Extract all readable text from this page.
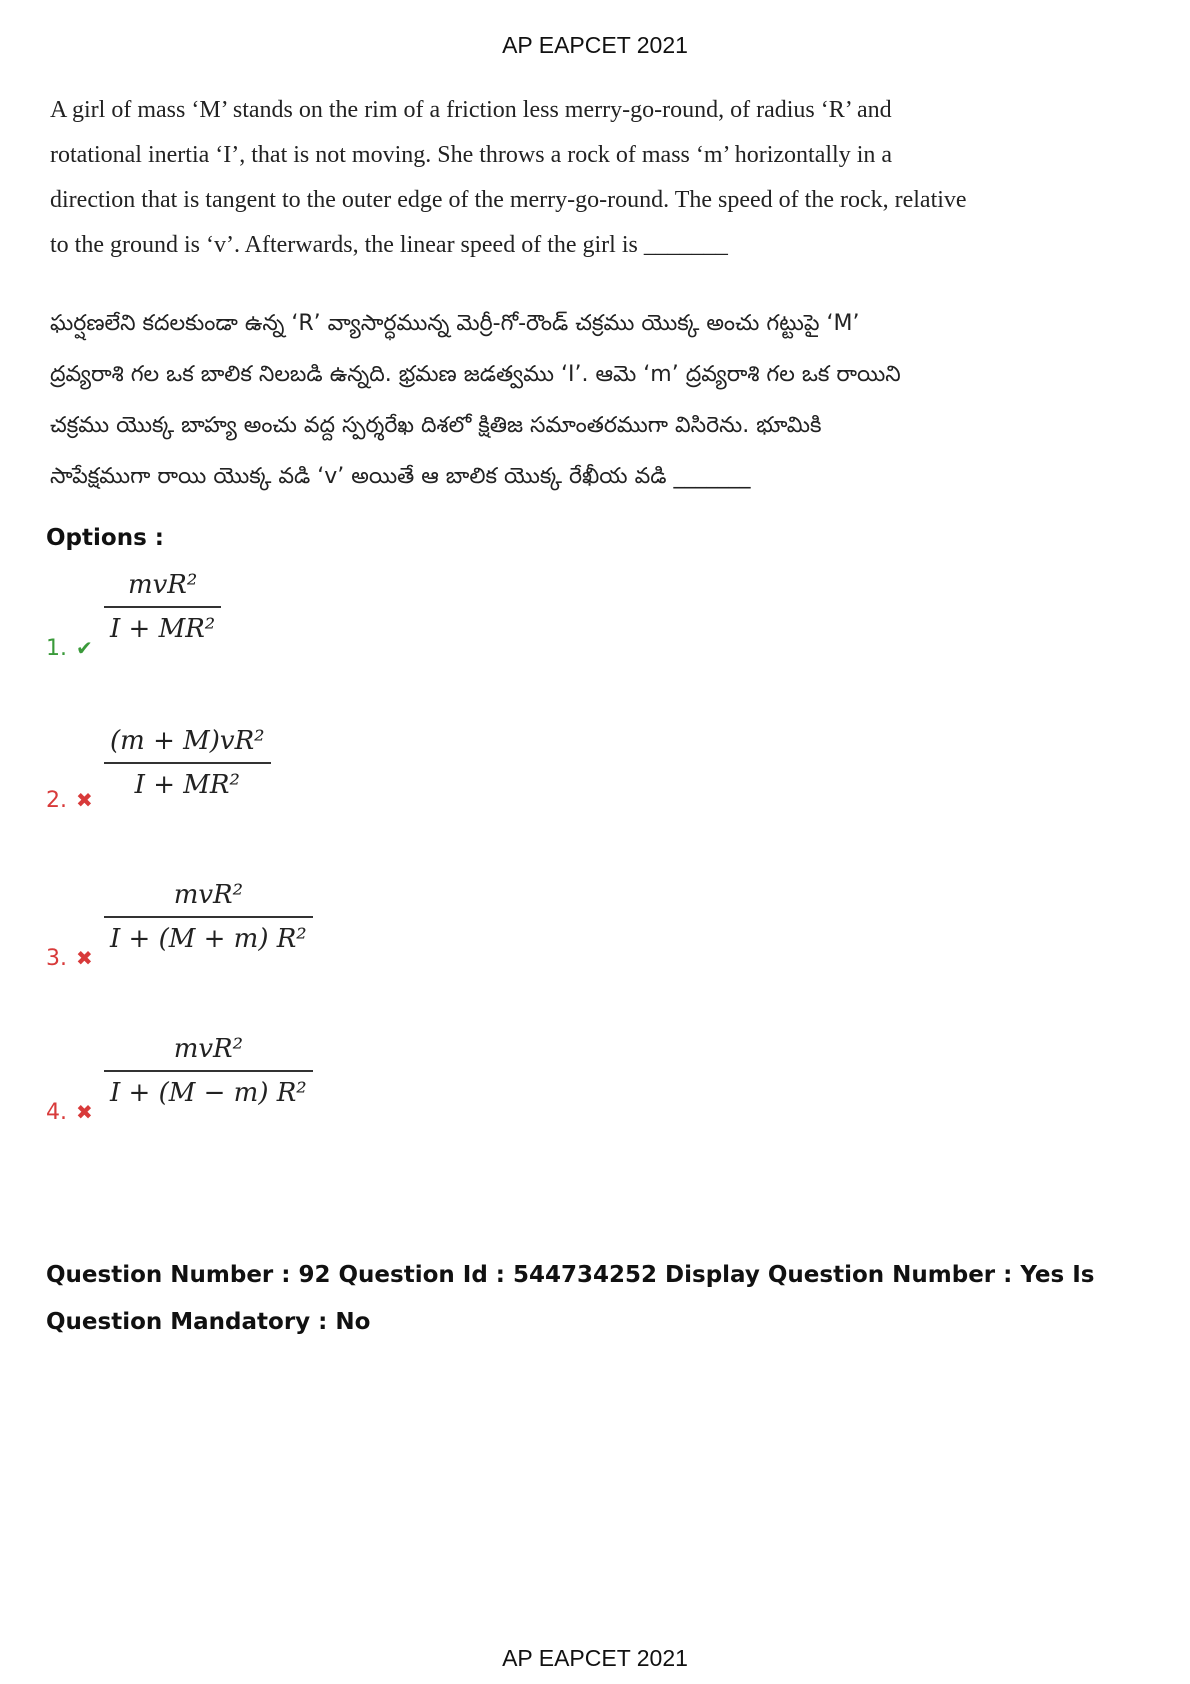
AP EAPCET 2021

A girl of mass ‘M’ stands on the rim of a friction less merry-go-round, of radius ‘R’ and

rotational inertia ‘I’, that is not moving. She throws a rock of mass ‘m’ horizontally in a

direction that is tangent to the outer edge of the merry-go-round. The speed of the rock, relative

to the ground is ‘v’. Afterwards, the linear speed of the girl is _______

ఘర్షణలేని కదలకుండా ఉన్న ‘R’ వ్యాసార్ధమున్న మెర్రీ-గో-రౌండ్ చక్రము యొక్క అంచు గట్టుపై ‘M’

ద్రవ్యరాశి గల ఒక బాలిక నిలబడి ఉన్నది. భ్రమణ జడత్వము ‘I’. ఆమె ‘m’ ద్రవ్యరాశి గల ఒక రాయిని

చక్రము యొక్క బాహ్య అంచు వద్ద స్పర్శరేఖ దిశలో క్షితిజ సమాంతరముగా విసిరెను. భూమికి

సాపేక్షముగా రాయి యొక్క వడి ‘v’ అయితే ఆ బాలిక యొక్క రేఖీయ వడి _______

Options :
1. ✔
mvR²
I + MR²
2. ✖ $\frac{\text{(m + M)vR²}}{\text{I + MR²}}$
3. ✖
mvR²
I + (M + m) R²
4. ✖
mvR²
I + (M − m) R²
Question Number : 92 Question Id : 544734252 Display Question Number : Yes Is Question Mandatory : No
AP EAPCET 2021
